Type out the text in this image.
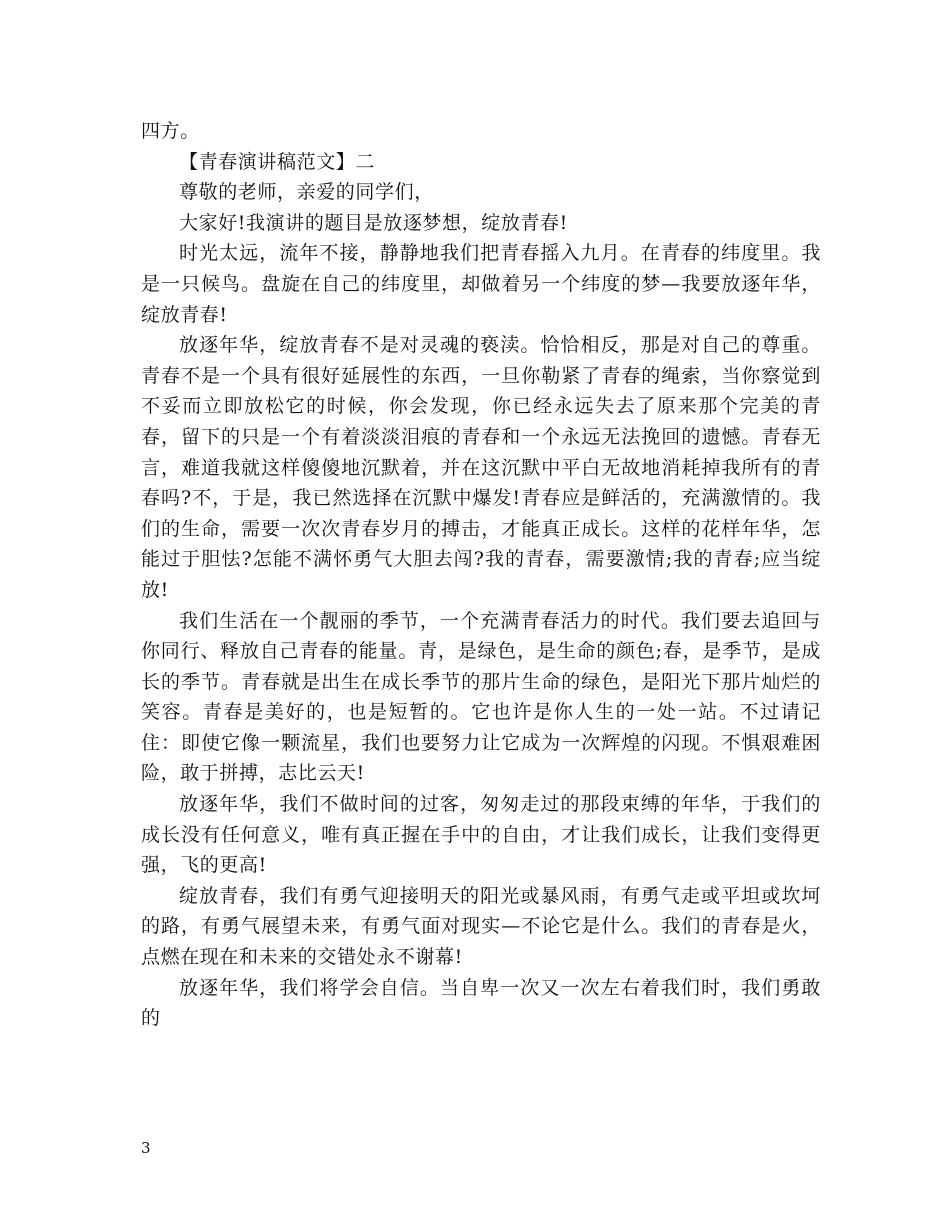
四方。

【青春演讲稿范文】二

尊敬的老师，亲爱的同学们，

大家好!我演讲的题目是放逐梦想，绽放青春!

时光太远，流年不接，静静地我们把青春摇入九月。在青春的纬度里。我是一只候鸟。盘旋在自己的纬度里，却做着另一个纬度的梦—我要放逐年华，绽放青春!

放逐年华，绽放青春不是对灵魂的亵渎。恰恰相反，那是对自己的尊重。青春不是一个具有很好延展性的东西，一旦你勒紧了青春的绳索，当你察觉到不妥而立即放松它的时候，你会发现，你已经永远失去了原来那个完美的青春，留下的只是一个有着淡淡泪痕的青春和一个永远无法挽回的遗憾。青春无言，难道我就这样傻傻地沉默着，并在这沉默中平白无故地消耗掉我所有的青春吗?不，于是，我已然选择在沉默中爆发!青春应是鲜活的，充满激情的。我们的生命，需要一次次青春岁月的搏击，才能真正成长。这样的花样年华，怎能过于胆怯?怎能不满怀勇气大胆去闯?我的青春，需要激情;我的青春;应当绽放!

我们生活在一个靓丽的季节，一个充满青春活力的时代。我们要去追回与你同行、释放自己青春的能量。青，是绿色，是生命的颜色;春，是季节，是成长的季节。青春就是出生在成长季节的那片生命的绿色，是阳光下那片灿烂的笑容。青春是美好的，也是短暂的。它也许是你人生的一处一站。不过请记住：即使它像一颗流星，我们也要努力让它成为一次辉煌的闪现。不惧艰难困险，敢于拼搏，志比云天!

放逐年华，我们不做时间的过客，匆匆走过的那段束缚的年华，于我们的成长没有任何意义，唯有真正握在手中的自由，才让我们成长，让我们变得更强，飞的更高!

绽放青春，我们有勇气迎接明天的阳光或暴风雨，有勇气走或平坦或坎坷的路，有勇气展望未来，有勇气面对现实—不论它是什么。我们的青春是火，点燃在现在和未来的交错处永不谢幕!

放逐年华，我们将学会自信。当自卑一次又一次左右着我们时，我们勇敢的

3
